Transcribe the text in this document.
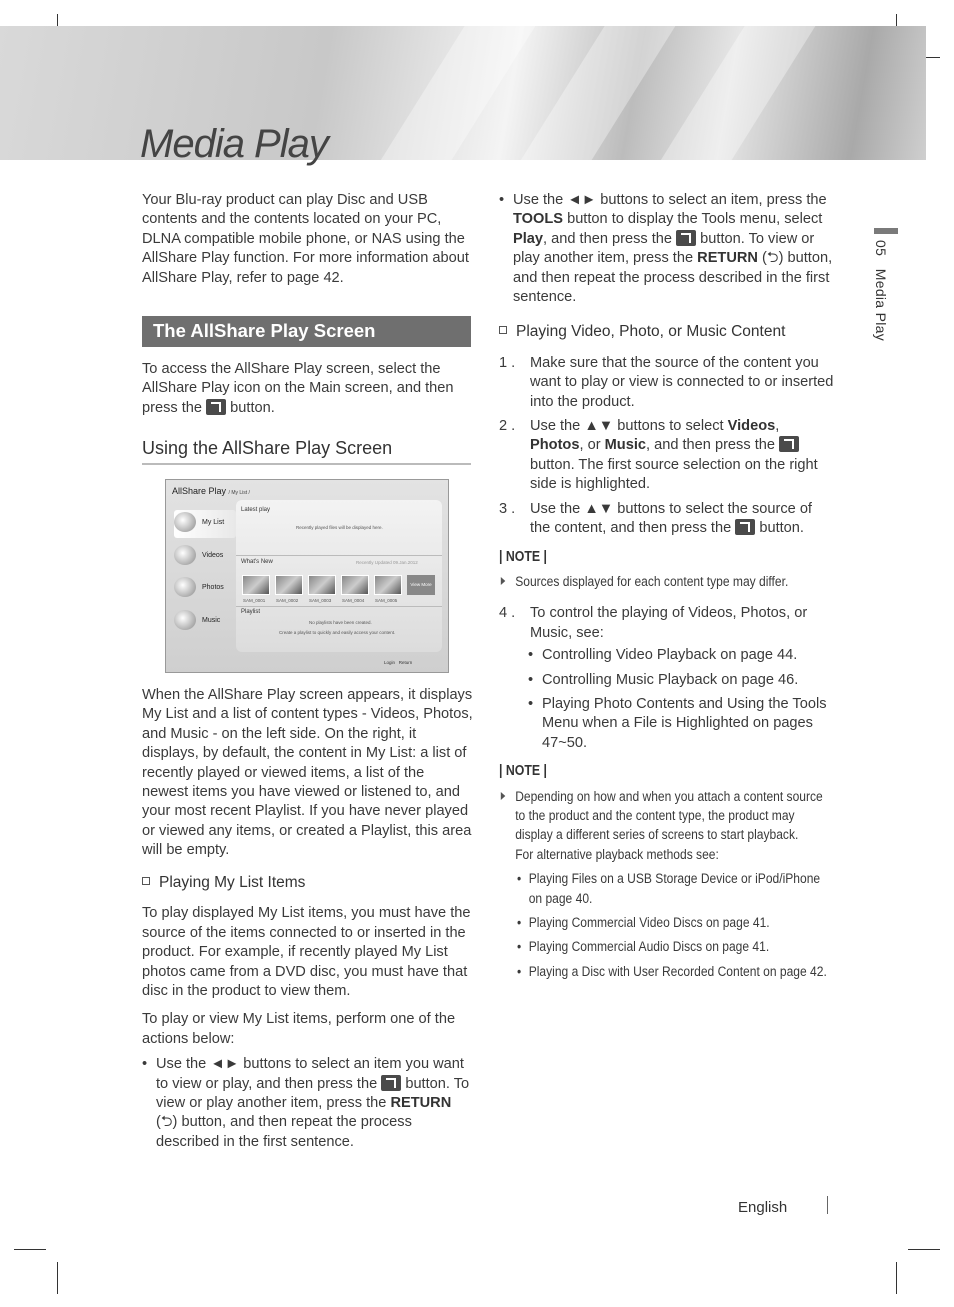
Media Play
05   Media Play

Your Blu-ray product can play Disc and USB contents and the contents located on your PC, DLNA compatible mobile phone, or NAS using the AllShare Play function. For more information about AllShare Play, refer to page 42.

The AllShare Play Screen

To access the AllShare Play screen, select the AllShare Play icon on the Main screen, and then press the button.

Using the AllShare Play Screen
AllShare Play / My List /
My List
Videos
Photos
Music
Latest play
Recently played files will be displayed here.
What's New	Recently Updated 09.Jan.2012
View More
SAM_0001 SAM_0002 SAM_0003 SAM_0004 SAM_0005
Playlist
No playlists have been created.
Create a playlist to quickly and easily access your content.
Login Return

When the AllShare Play screen appears, it displays My List and a list of content types - Videos, Photos, and Music - on the left side. On the right, it displays, by default, the content in My List: a list of recently played or viewed items, a list of the newest items you have viewed or listened to, and your most recent Playlist. If you have never played or viewed any items, or created a Playlist, this area will be empty.

Playing My List Items

To play displayed My List items, you must have the source of the items connected to or inserted in the product. For example, if recently played My List photos came from a DVD disc, you must have that disc in the product to view them.

To play or view My List items, perform one of the actions below:

• Use the ◄► buttons to select an item you want to view or play, and then press the button. To view or play another item, press the RETURN (⮌) button, and then repeat the process described in the first sentence.
• Use the ◄► buttons to select an item, press the TOOLS button to display the Tools menu, select Play, and then press the button. To view or play another item, press the RETURN (⮌) button, and then repeat the process described in the first sentence.
Playing Video, Photo, or Music Content
1 . Make sure that the source of the content you want to play or view is connected to or inserted into the product.
2 . Use the ▲▼ buttons to select Videos, Photos, or Music, and then press the  button. The first source selection on the right side is highlighted.
3 . Use the ▲▼ buttons to select the source of the content, and then press the button.
| NOTE |
Sources displayed for each content type may differ.
4 . To control the playing of Videos, Photos, or Music, see:
• Controlling Video Playback on page 44.
• Controlling Music Playback on page 46.
• Playing Photo Contents and Using the Tools Menu when a File is Highlighted on pages 47~50.
| NOTE |
Depending on how and when you attach a content source to the product and the content type, the product may display a different series of screens to start playback.
For alternative playback methods see:
• Playing Files on a USB Storage Device or iPod/iPhone on page 40.
• Playing Commercial Video Discs on page 41.
• Playing Commercial Audio Discs on page 41.
• Playing a Disc with User Recorded Content on page 42.
English
